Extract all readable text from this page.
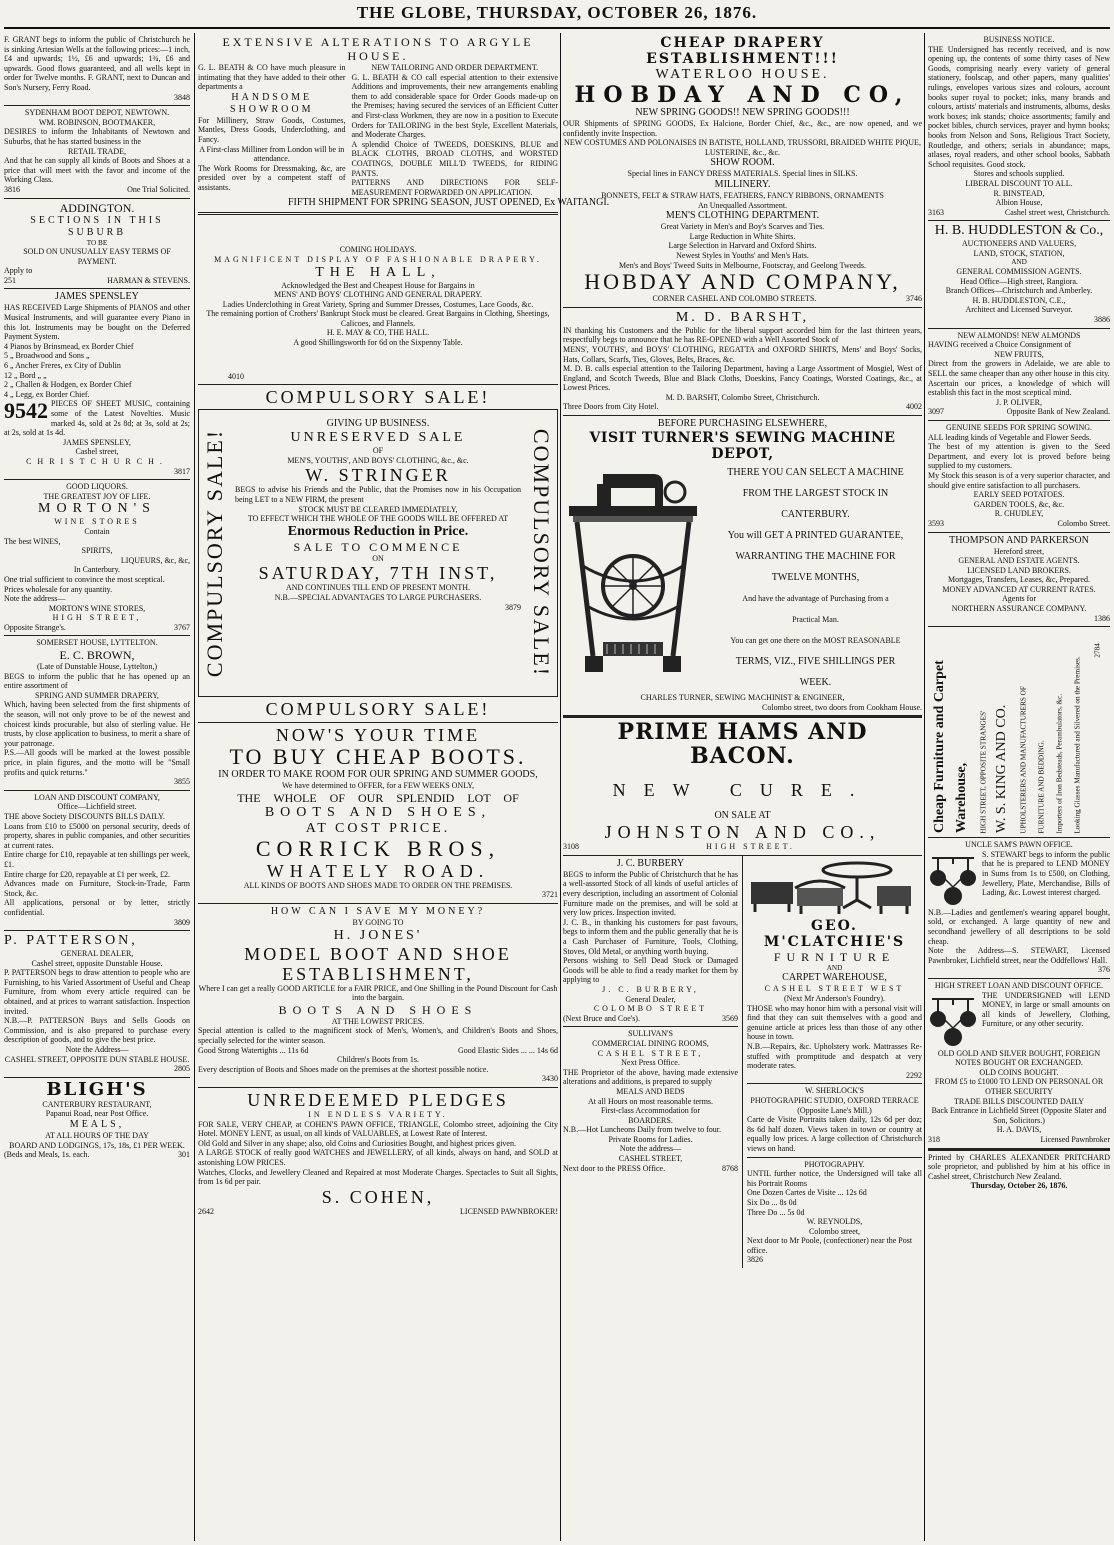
THE GLOBE, THURSDAY, OCTOBER 26, 1876.
F. GRANT begs to inform the public of Christchurch he is sinking Artesian Wells at the following prices:—1 inch, £4 and upwards; 1½, £6 and upwards; 1¾, £6 and upwards. Good flows guaranteed, and all wells kept in order for Twelve months. F. GRANT, next to Duncan and Son's Nursery, Ferry Road.
3848
SYDENHAM BOOT DEPOT, NEWTOWN.
WM. ROBINSON, BOOTMAKER,
DESIRES to inform the Inhabitants of Newtown and Suburbs, that he has started business in the
RETAIL TRADE,
And that he can supply all kinds of Boots and Shoes at a price that will meet with the favor and income of the Working Class.
3816	One Trial Solicited.
ADDINGTON.
SECTIONS IN THIS SUBURB
TO BE
SOLD ON UNUSUALLY EASY TERMS OF PAYMENT.
Apply to
251	HARMAN & STEVENS.
JAMES SPENSLEY
HAS RECEIVED Large Shipments of PIANOS and other Musical Instruments, and will guarantee every Piano in this lot. Instruments may be bought on the Deferred Payment System.
4 Pianos by Brinsmead, ex Border Chief
5 „ Broadwood and Sons „
6 „ Ancher Freres, ex City of Dublin
12 „ Bord „ „
2 „ Challen & Hodgen, ex Border Chief
4 „ Legg, ex Border Chief.
9542 PIECES OF SHEET MUSIC, containing some of the Latest Novelties. Music marked 4s, sold at 2s 8d; at 3s, sold at 2s; at 2s, sold at 1s 4d.
JAMES SPENSLEY,
Cashel street,
CHRISTCHURCH.
3817
GOOD LIQUORS.
THE GREATEST JOY OF LIFE.
MORTON'S
WINE STORES
Contain
The best WINES,
SPIRITS,
LIQUEURS, &c, &c,
In Canterbury.
One trial sufficient to convince the most sceptical.
Prices wholesale for any quantity.
Note the address—
MORTON'S WINE STORES,
HIGH STREET,
Opposite Strange's.	3767
SOMERSET HOUSE, LYTTELTON.
E. C. BROWN,
(Late of Dunstable House, Lyttelton,)
BEGS to inform the public that he has opened up an entire assortment of
SPRING AND SUMMER DRAPERY,
Which, having been selected from the first shipments of the season, will not only prove to be of the newest and choicest kinds procurable, but also of sterling value. He trusts, by close application to business, to merit a share of your patronage.
P.S.—All goods will be marked at the lowest possible price, in plain figures, and the motto will be "Small profits and quick returns."
3855
LOAN AND DISCOUNT COMPANY,
Office—Lichfield street.
THE above Society DISCOUNTS BILLS DAILY.
Loans from £10 to £5000 on personal security, deeds of property, shares in public companies, and other securities at current rates.
Entire charge for £10, repayable at ten shillings per week, £1.
Entire charge for £20, repayable at £1 per week, £2.
Advances made on Furniture, Stock-in-Trade, Farm Stock, &c.
All applications, personal or by letter, strictly confidential.
3809
P. PATTERSON,
GENERAL DEALER,
Cashel street, opposite Dunstable House.
P. PATTERSON begs to draw attention to people who are Furnishing, to his Varied Assortment of Useful and Cheap Furniture, from whom every article required can be obtained, and at prices to warrant satisfaction. Inspection invited.
N.B.—P. PATTERSON Buys and Sells Goods on Commission, and is also prepared to purchase every description of goods, and to give the best price.
Note the Address—
CASHEL STREET, OPPOSITE DUN STABLE HOUSE.
2805
BLIGH'S
CANTERBURY RESTAURANT,
Papanui Road, near Post Office.
MEALS,
AT ALL HOURS OF THE DAY
BOARD AND LODGINGS, 17s, 18s, £1 PER WEEK.
(Beds and Meals, 1s. each.	301
EXTENSIVE ALTERATIONS TO ARGYLE HOUSE.
G. L. BEATH & CO have much pleasure in intimating that they have added to their other departments a
HANDSOME SHOWROOM
For Millinery, Straw Goods, Costumes, Mantles, Dress Goods, Underclothing, and Fancy.
A First-class Milliner from London will be in attendance.
The Work Rooms for Dressmaking, &c, are presided over by a competent staff of assistants.
NEW TAILORING AND ORDER DEPARTMENT.
G. L. BEATH & CO call especial attention to their extensive Additions and improvements, their new arrangements enabling them to add considerable space for Order Goods made-up on the Premises; having secured the services of an Efficient Cutter and First-class Workmen, they are now in a position to Execute Orders for TAILORING in the best Style, Excellent Materials, and Moderate Charges.
A splendid Choice of TWEEDS, DOESKINS, BLUE and BLACK CLOTHS, BROAD CLOTHS, and WORSTED COATINGS, DOUBLE MILL'D TWEEDS, for RIDING PANTS.
PATTERNS AND DIRECTIONS FOR SELF-MEASUREMENT FORWARDED ON APPLICATION.
FIFTH SHIPMENT FOR SPRING SEASON, JUST OPENED, Ex WAITANGI.
COMING HOLIDAYS.
MAGNIFICENT DISPLAY OF FASHIONABLE DRAPERY.
THE HALL,
Acknowledged the Best and Cheapest House for Bargains in
MENS' AND BOYS' CLOTHING AND GENERAL DRAPERY.
Ladies Underclothing in Great Variety, Spring and Summer Dresses, Costumes, Lace Goods, &c.
The remaining portion of Crothers' Bankrupt Stock must be cleared. Great Bargains in Clothing, Sheetings, Calicoes, and Flannels.
H. E. MAY & CO, THE HALL.
A good Shillingsworth for 6d on the Sixpenny Table.
4010
COMPULSORY SALE!
COMPULSORY SALE!	COMPULSORY SALE!
GIVING UP BUSINESS.
UNRESERVED SALE
OF
MEN'S, YOUTHS', AND BOYS' CLOTHING, &c., &c.
W. STRINGER
BEGS to advise his Friends and the Public, that the Promises now in his Occupation being LET to a NEW FIRM, the present
STOCK MUST BE CLEARED IMMEDIATELY,
TO EFFECT WHICH THE WHOLE OF THE GOODS WILL BE OFFERED AT
Enormous Reduction in Price.
SALE TO COMMENCE
ON
SATURDAY, 7TH INST,
AND CONTINUES TILL END OF PRESENT MONTH.
N.B.—SPECIAL ADVANTAGES TO LARGE PURCHASERS.
3879
COMPULSORY SALE!
NOW'S YOUR TIME
TO BUY CHEAP BOOTS.
IN ORDER TO MAKE ROOM FOR OUR SPRING AND SUMMER GOODS,
We have determined to OFFER, for a FEW WEEKS ONLY,
THE WHOLE OF OUR SPLENDID LOT OF
BOOTS AND SHOES,
AT COST PRICE.
CORRICK BROS,
WHATELY ROAD.
ALL KINDS OF BOOTS AND SHOES MADE TO ORDER ON THE PREMISES.
3721
HOW CAN I SAVE MY MONEY?
BY GOING TO
H. JONES'
MODEL BOOT AND SHOE ESTABLISHMENT,
Where I can get a really GOOD ARTICLE for a FAIR PRICE, and One Shilling in the Pound Discount for Cash into the bargain.
BOOTS AND SHOES
AT THE LOWEST PRICES.
Special attention is called to the magnificent stock of Men's, Women's, and Children's Boots and Shoes, specially selected for the winter season.
Good Strong Watertights ... 11s 6d	Good Elastic Sides ... ... 14s 6d
Children's Boots from 1s.
Every description of Boots and Shoes made on the premises at the shortest possible notice.
3430
UNREDEEMED PLEDGES
IN ENDLESS VARIETY.
FOR SALE, VERY CHEAP, at COHEN'S PAWN OFFICE, TRIANGLE, Colombo street, adjoining the City Hotel. MONEY LENT, as usual, on all kinds of VALUABLES, at Lowest Rate of Interest.
Old Gold and Silver in any shape; also, old Coins and Curiosities Bought, and highest prices given.
A LARGE STOCK of really good WATCHES and JEWELLERY, of all kinds, always on hand, and SOLD at astonishing LOW PRICES.
Watches, Clocks, and Jewellery Cleaned and Repaired at most Moderate Charges. Spectacles to Suit all Sights, from 1s 6d per pair.
S. COHEN,
2642	LICENSED PAWNBROKER!
CHEAP DRAPERY ESTABLISHMENT!!!
WATERLOO HOUSE.
HOBDAY AND CO,
NEW SPRING GOODS!! NEW SPRING GOODS!!!
OUR Shipments of SPRING GOODS, Ex Halcione, Border Chief, &c., &c., are now opened, and we confidently invite Inspection.
NEW COSTUMES AND POLONAISES IN BATISTE, HOLLAND, TRUSSORI, BRAIDED WHITE PIQUE, LUSTERINE, &c., &c.
SHOW ROOM.
Special lines in FANCY DRESS MATERIALS. Special lines in SILKS.
MILLINERY.
BONNETS, FELT & STRAW HATS, FEATHERS, FANCY RIBBONS, ORNAMENTS
An Unequalled Assortment.
MEN'S CLOTHING DEPARTMENT.
Great Variety in Men's and Boy's Scarves and Ties.
Large Reduction in White Shirts.
Large Selection in Harvard and Oxford Shirts.
Newest Styles in Youths' and Men's Hats.
Men's and Boys' Tweed Suits in Melbourne, Footscray, and Geelong Tweeds.
HOBDAY AND COMPANY,
CORNER CASHEL AND COLOMBO STREETS.	3746
M. D. BARSHT,
IN thanking his Customers and the Public for the liberal support accorded him for the last thirteen years, respectfully begs to announce that he has RE-OPENED with a Well Assorted Stock of
MENS', YOUTHS', and BOYS' CLOTHING, REGATTA and OXFORD SHIRTS, Mens' and Boys' Socks, Hats, Collars, Scarfs, Ties, Gloves, Belts, Braces, &c.
M. D. B. calls especial attention to the Tailoring Department, having a Large Assortment of Mosgiel, West of England, and Scotch Tweeds, Blue and Black Cloths, Doeskins, Fancy Coatings, Worsted Coatings, &c., at Lowest Prices.
M. D. BARSHT, Colombo Street, Christchurch.
Three Doors from City Hotel.	4002
BEFORE PURCHASING ELSEWHERE,
VISIT TURNER'S SEWING MACHINE DEPOT,
THERE YOU CAN SELECT A MACHINE
FROM THE LARGEST STOCK IN
CANTERBURY.
You will GET A PRINTED GUARANTEE,
WARRANTING THE MACHINE FOR
TWELVE MONTHS,
And have the advantage of Purchasing from a
Practical Man.
You can get one there on the MOST REASONABLE
TERMS, VIZ., FIVE SHILLINGS PER
WEEK.
CHARLES TURNER, SEWING MACHINIST & ENGINEER,
Colombo street, two doors from Cookham House.
PRIME HAMS AND BACON.
NEW CURE.
ON SALE AT
JOHNSTON AND CO.,
3108	HIGH STREET.
J. C. BURBERY
BEGS to inform the Public of Christchurch that he has a well-assorted Stock of all kinds of useful articles of every description, including an assortment of Colonial Furniture made on the premises, and will be sold at very low prices. Inspection invited.
J. C. B., in thanking his customers for past favours, begs to inform them and the public generally that he is a Cash Purchaser of Furniture, Tools, Clothing, Stoves, Old Metal, or anything worth buying.
Persons wishing to Sell Dead Stock or Damaged Goods will be able to find a ready market for them by applying to
J. C. BURBERY,
General Dealer,
COLOMBO STREET
(Next Bruce and Coe's).	3569
SULLIVAN'S
COMMERCIAL DINING ROOMS,
CASHEL STREET,
Next Press Office.
THE Proprietor of the above, having made extensive alterations and additions, is prepared to supply
MEALS AND BEDS
At all Hours on most reasonable terms.
First-class Accommodation for
BOARDERS.
N.B.—Hot Luncheons Daily from twelve to four.
Private Rooms for Ladies.
Note the address—
CASHEL STREET,
Next door to the PRESS Office.	8768
GEO. M'CLATCHIE'S
FURNITURE
AND
CARPET WAREHOUSE,
CASHEL STREET WEST
(Next Mr Anderson's Foundry).
THOSE who may honor him with a personal visit will find that they can suit themselves with a good and genuine article at prices less than those of any other house in town.
N.B.—Repairs, &c. Upholstery work. Mattrasses Re-stuffed with promptitude and despatch at very moderate rates.
2292
W. SHERLOCK'S
PHOTOGRAPHIC STUDIO, OXFORD TERRACE
(Opposite Lane's Mill.)
Carte de Visite Portraits taken daily, 12s 6d per doz; 8s 6d half dozen. Views taken in town or country at equally low prices. A large collection of Christchurch views on hand.
PHOTOGRAPHY.
UNTIL further notice, the Undersigned will take all his Portrait Rooms
One Dozen Cartes de Visite ... 12s 6d
Six Do ... 8s 0d
Three Do ... 5s 0d
W. REYNOLDS,
Colombo street,
Next door to Mr Poole, (confectioner) near the Post office.
3826
BUSINESS NOTICE.
THE Undersigned has recently received, and is now opening up, the contents of some thirty cases of New Goods, comprising nearly every variety of general stationery, foolscap, and other papers, many qualities' rulings, envelopes various sizes and colours, account books super royal to pocket; inks, many brands and colours, artists' materials and instruments, albums, desks work boxes; ink stands; choice assortments; family and pocket bibles, church services, prayer and hymn books; books from Nelson and Sons, Religious Tract Society, Routledge, and others; serials in abundance; maps, atlases, royal readers, and other school books, Sabbath School requisites. Good stock.
Stores and schools supplied.
LIBERAL DISCOUNT TO ALL.
R. BINSTEAD,
Albion House,
3163	Cashel street west, Christchurch.
H. B. HUDDLESTON & Co.,
AUCTIONEERS AND VALUERS,
LAND, STOCK, STATION,
AND
GENERAL COMMISSION AGENTS.
Head Office—High street, Rangiora.
Branch Offices—Christchurch and Amberley.
H. B. HUDDLESTON, C.E.,
Architect and Licensed Surveyor.
3886
NEW ALMONDS! NEW ALMONDS
HAVING received a Choice Consignment of
NEW FRUITS,
Direct from the growers in Adelaide, we are able to SELL the same cheaper than any other house in this city.
Ascertain our prices, a knowledge of which will establish this fact in the most sceptical mind.
J. P. OLIVER,
3097	Opposite Bank of New Zealand.
GENUINE SEEDS FOR SPRING SOWING.
ALL leading kinds of Vegetable and Flower Seeds.
The best of my attention is given to the Seed Department, and every lot is proved before being supplied to my customers.
My Stock this season is of a very superior character, and should give entire satisfaction to all purchasers.
EARLY SEED POTATOES.
GARDEN TOOLS, &c, &c.
R. CHUDLEY,
3593	Colombo Street.
THOMPSON AND PARKERSON
Hereford street,
GENERAL AND ESTATE AGENTS.
LICENSED LAND BROKERS.
Mortgages, Transfers, Leases, &c, Prepared.
MONEY ADVANCED AT CURRENT RATES.
Agents for
NORTHERN ASSURANCE COMPANY.
1386
Cheap Furniture and Carpet Warehouse, HIGH STREET, OPPOSITE STRANGES' W. S. KING AND CO. UPHOLSTERERS AND MANUFACTURERS OF FURNITURE AND BEDDING. Importers of Iron Bedsteads, Perambulators, &c. Looking Glasses Manufactured and Silvered on the Premises.
2784
UNCLE SAM'S PAWN OFFICE.
S. STEWART begs to inform the public that he is prepared to LEND MONEY in Sums from 1s to £500, on Clothing, Jewellery, Plate, Merchandise, Bills of Lading, &c. Lowest interest charged.
N.B.—Ladies and gentlemen's wearing apparel bought, sold, or exchanged. A large quantity of new and secondhand jewellery of all descriptions to be sold cheap.
Note the Address—S. STEWART, Licensed Pawnbroker, Lichfield street, near the Oddfellows' Hall.
376
HIGH STREET LOAN AND DISCOUNT OFFICE.
THE UNDERSIGNED will LEND MONEY, in large or small amounts on all kinds of Jewellery, Clothing, Furniture, or any other security.
OLD GOLD AND SILVER BOUGHT, FOREIGN NOTES BOUGHT OR EXCHANGED.
OLD COINS BOUGHT.
FROM £5 to £1000 TO LEND ON PERSONAL OR OTHER SECURITY
TRADE BILLS DISCOUNTED DAILY
Back Entrance in Lichfield Street (Opposite Slater and Son, Solicitors.)
H. A. DAVIS,
318	Licensed Pawnbroker
Printed by CHARLES ALEXANDER PRITCHARD sole proprietor, and published by him at his office in Cashel street, Christchurch New Zealand.
Thursday, October 26, 1876.
